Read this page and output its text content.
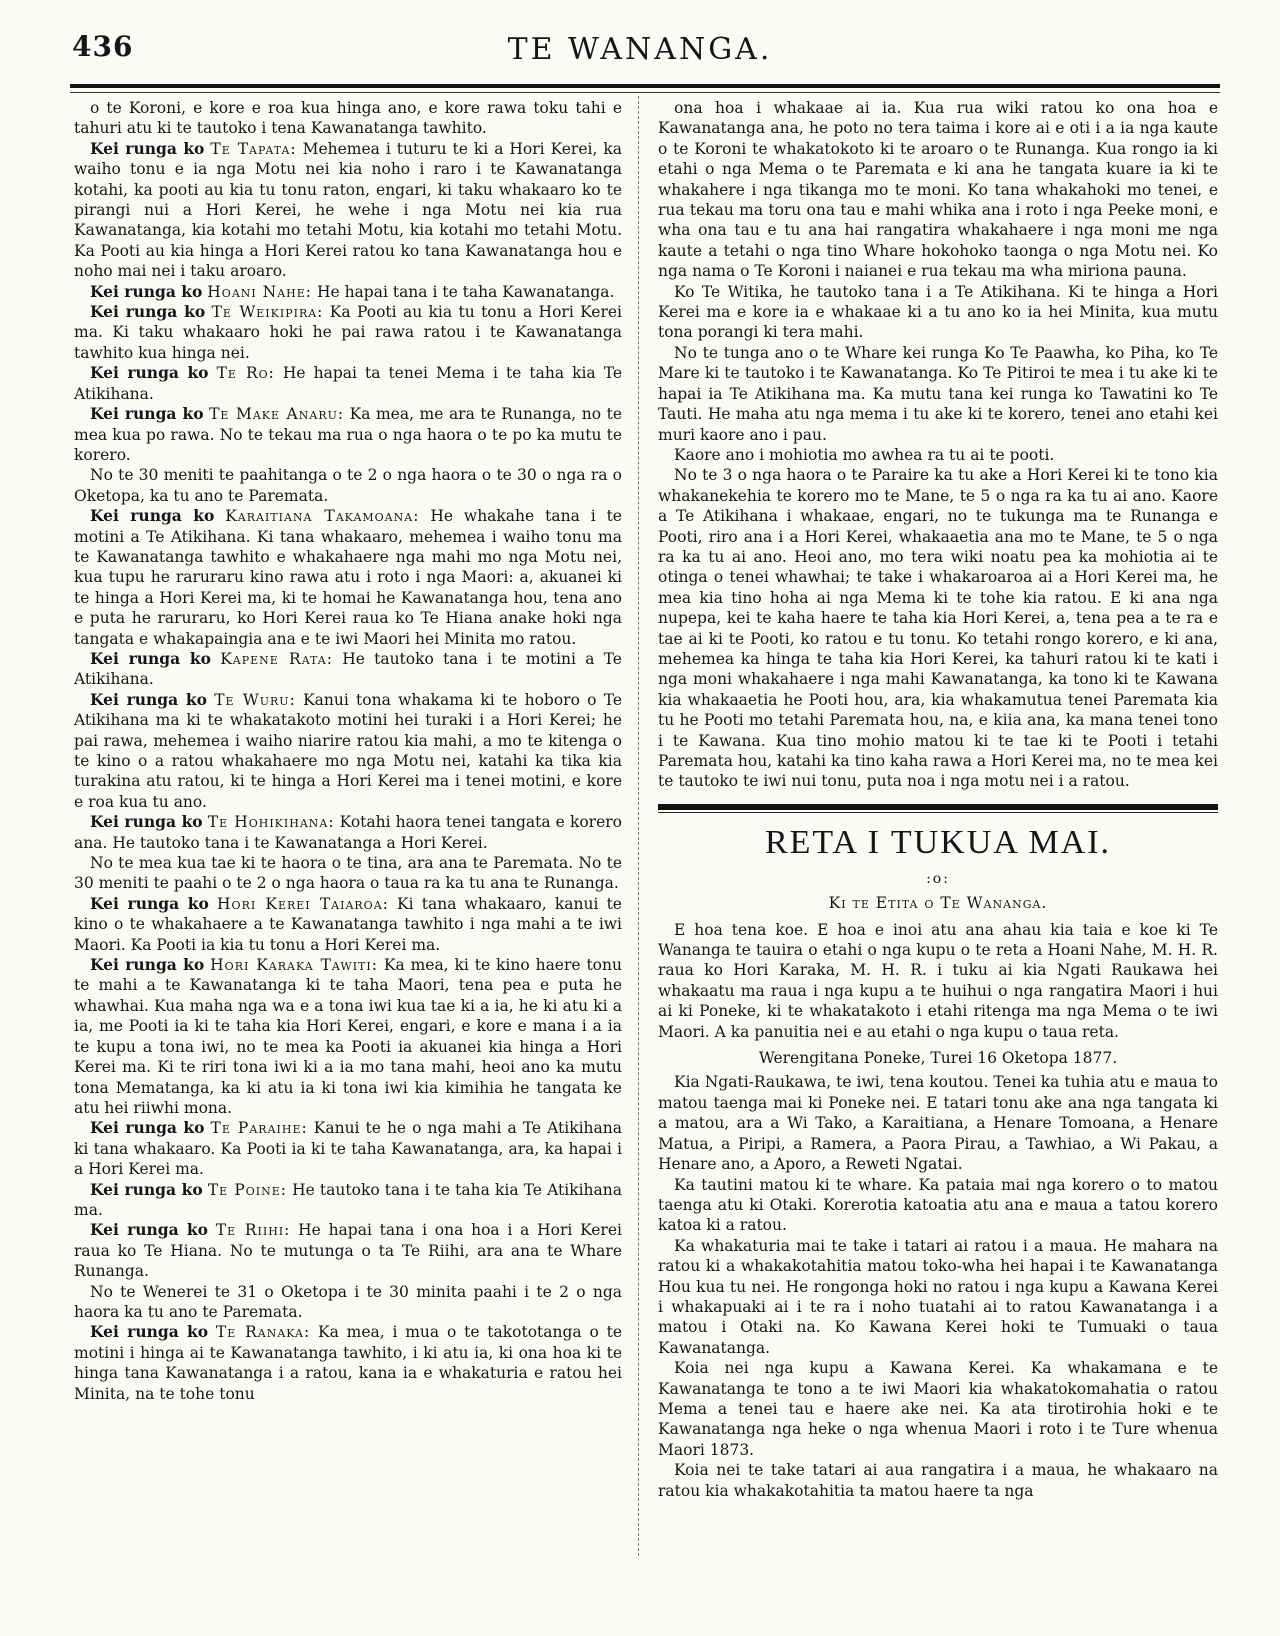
436	TE WANANGA.

o te Koroni, e kore e roa kua hinga ano, e kore rawa toku tahi e tahuri atu ki te tautoko i tena Kawanatanga tawhito.

Kei runga ko Te Tapata: Mehemea i tuturu te ki a Hori Kerei, ka waiho tonu e ia nga Motu nei kia noho i raro i te Kawanatanga kotahi, ka pooti au kia tu tonu raton, engari, ki taku whakaaro ko te pirangi nui a Hori Kerei, he wehe i nga Motu nei kia rua Kawanatanga, kia kotahi mo tetahi Motu, kia kotahi mo tetahi Motu. Ka Pooti au kia hinga a Hori Kerei ratou ko tana Kawanatanga hou e noho mai nei i taku aroaro.

Kei runga ko Hoani Nahe: He hapai tana i te taha Kawanatanga.

Kei runga ko Te Weikipira: Ka Pooti au kia tu tonu a Hori Kerei ma. Ki taku whakaaro hoki he pai rawa ratou i te Kawanatanga tawhito kua hinga nei.

Kei runga ko Te Ro: He hapai ta tenei Mema i te taha kia Te Atikihana.

Kei runga ko Te Make Anaru: Ka mea, me ara te Runanga, no te mea kua po rawa. No te tekau ma rua o nga haora o te po ka mutu te korero.

No te 30 meniti te paahitanga o te 2 o nga haora o te 30 o nga ra o Oketopa, ka tu ano te Paremata.

Kei runga ko Karaitiana Takamoana: He whakahe tana i te motini a Te Atikihana. Ki tana whakaaro, mehemea i waiho tonu ma te Kawanatanga tawhito e whakahaere nga mahi mo nga Motu nei, kua tupu he raruraru kino rawa atu i roto i nga Maori: a, akuanei ki te hinga a Hori Kerei ma, ki te homai he Kawanatanga hou, tena ano e puta he raruraru, ko Hori Kerei raua ko Te Hiana anake hoki nga tangata e whakapaingia ana e te iwi Maori hei Minita mo ratou.

Kei runga ko Kapene Rata: He tautoko tana i te motini a Te Atikihana.

Kei runga ko Te Wuru: Kanui tona whakama ki te hoboro o Te Atikihana ma ki te whakatakoto motini hei turaki i a Hori Kerei; he pai rawa, mehemea i waiho niarire ratou kia mahi, a mo te kitenga o te kino o a ratou whakahaere mo nga Motu nei, katahi ka tika kia turakina atu ratou, ki te hinga a Hori Kerei ma i tenei motini, e kore e roa kua tu ano.

Kei runga ko Te Hohikihana: Kotahi haora tenei tangata e korero ana. He tautoko tana i te Kawanatanga a Hori Kerei.

No te mea kua tae ki te haora o te tina, ara ana te Paremata. No te 30 meniti te paahi o te 2 o nga haora o taua ra ka tu ana te Runanga.

Kei runga ko Hori Kerei Taiaroa: Ki tana whakaaro, kanui te kino o te whakahaere a te Kawanatanga tawhito i nga mahi a te iwi Maori. Ka Pooti ia kia tu tonu a Hori Kerei ma.

Kei runga ko Hori Karaka Tawiti: Ka mea, ki te kino haere tonu te mahi a te Kawanatanga ki te taha Maori, tena pea e puta he whawhai. Kua maha nga wa e a tona iwi kua tae ki a ia, he ki atu ki a ia, me Pooti ia ki te taha kia Hori Kerei, engari, e kore e mana i a ia te kupu a tona iwi, no te mea ka Pooti ia akuanei kia hinga a Hori Kerei ma. Ki te riri tona iwi ki a ia mo tana mahi, heoi ano ka mutu tona Mematanga, ka ki atu ia ki tona iwi kia kimihia he tangata ke atu hei riiwhi mona.

Kei runga ko Te Paraihe: Kanui te he o nga mahi a Te Atikihana ki tana whakaaro. Ka Pooti ia ki te taha Kawanatanga, ara, ka hapai i a Hori Kerei ma.

Kei runga ko Te Poine: He tautoko tana i te taha kia Te Atikihana ma.

Kei runga ko Te Riihi: He hapai tana i ona hoa i a Hori Kerei raua ko Te Hiana. No te mutunga o ta Te Riihi, ara ana te Whare Runanga.

No te Wenerei te 31 o Oketopa i te 30 minita paahi i te 2 o nga haora ka tu ano te Paremata.

Kei runga ko Te Ranaka: Ka mea, i mua o te takototanga o te motini i hinga ai te Kawanatanga tawhito, i ki atu ia, ki ona hoa ki te hinga tana Kawanatanga i a ratou, kana ia e whakaturia e ratou hei Minita, na te tohe tonu

ona hoa i whakaae ai ia. Kua rua wiki ratou ko ona hoa e Kawanatanga ana, he poto no tera taima i kore ai e oti i a ia nga kaute o te Koroni te whakatokoto ki te aroaro o te Runanga. Kua rongo ia ki etahi o nga Mema o te Paremata e ki ana he tangata kuare ia ki te whakahere i nga tikanga mo te moni. Ko tana whakahoki mo tenei, e rua tekau ma toru ona tau e mahi whika ana i roto i nga Peeke moni, e wha ona tau e tu ana hai rangatira whakahaere i nga moni me nga kaute a tetahi o nga tino Whare hokohoko taonga o nga Motu nei. Ko nga nama o Te Koroni i naianei e rua tekau ma wha miriona pauna.

Ko Te Witika, he tautoko tana i a Te Atikihana. Ki te hinga a Hori Kerei ma e kore ia e whakaae ki a tu ano ko ia hei Minita, kua mutu tona porangi ki tera mahi.

No te tunga ano o te Whare kei runga Ko Te Paawha, ko Piha, ko Te Mare ki te tautoko i te Kawanatanga. Ko Te Pitiroi te mea i tu ake ki te hapai ia Te Atikihana ma. Ka mutu tana kei runga ko Tawatini ko Te Tauti. He maha atu nga mema i tu ake ki te korero, tenei ano etahi kei muri kaore ano i pau.

Kaore ano i mohiotia mo awhea ra tu ai te pooti.

No te 3 o nga haora o te Paraire ka tu ake a Hori Kerei ki te tono kia whakanekehia te korero mo te Mane, te 5 o nga ra ka tu ai ano. Kaore a Te Atikihana i whakaae, engari, no te tukunga ma te Runanga e Pooti, riro ana i a Hori Kerei, whakaaetia ana mo te Mane, te 5 o nga ra ka tu ai ano. Heoi ano, mo tera wiki noatu pea ka mohiotia ai te otinga o tenei whawhai; te take i whakaroaroa ai a Hori Kerei ma, he mea kia tino hoha ai nga Mema ki te tohe kia ratou. E ki ana nga nupepa, kei te kaha haere te taha kia Hori Kerei, a, tena pea a te ra e tae ai ki te Pooti, ko ratou e tu tonu. Ko tetahi rongo korero, e ki ana, mehemea ka hinga te taha kia Hori Kerei, ka tahuri ratou ki te kati i nga moni whakahaere i nga mahi Kawanatanga, ka tono ki te Kawana kia whakaaetia he Pooti hou, ara, kia whakamutua tenei Paremata kia tu he Pooti mo tetahi Paremata hou, na, e kiia ana, ka mana tenei tono i te Kawana. Kua tino mohio matou ki te tae ki te Pooti i tetahi Paremata hou, katahi ka tino kaha rawa a Hori Kerei ma, no te mea kei te tautoko te iwi nui tonu, puta noa i nga motu nei i a ratou.

RETA I TUKUA MAI.
:o:
Ki te Etita o Te Wananga.

E hoa tena koe. E hoa e inoi atu ana ahau kia taia e koe ki Te Wananga te tauira o etahi o nga kupu o te reta a Hoani Nahe, M. H. R. raua ko Hori Karaka, M. H. R. i tuku ai kia Ngati Raukawa hei whakaatu ma raua i nga kupu a te huihui o nga rangatira Maori i hui ai ki Poneke, ki te whakatakoto i etahi ritenga ma nga Mema o te iwi Maori. A ka panuitia nei e au etahi o nga kupu o taua reta.

Werengitana Poneke, Turei 16 Oketopa 1877.

Kia Ngati-Raukawa, te iwi, tena koutou. Tenei ka tuhia atu e maua to matou taenga mai ki Poneke nei. E tatari tonu ake ana nga tangata ki a matou, ara a Wi Tako, a Karaitiana, a Henare Tomoana, a Henare Matua, a Piripi, a Ramera, a Paora Pirau, a Tawhiao, a Wi Pakau, a Henare ano, a Aporo, a Reweti Ngatai.

Ka tautini matou ki te whare. Ka pataia mai nga korero o to matou taenga atu ki Otaki. Korerotia katoatia atu ana e maua a tatou korero katoa ki a ratou.

Ka whakaturia mai te take i tatari ai ratou i a maua. He mahara na ratou ki a whakakotahitia matou toko-wha hei hapai i te Kawanatanga Hou kua tu nei. He rongonga hoki no ratou i nga kupu a Kawana Kerei i whakapuaki ai i te ra i noho tuatahi ai to ratou Kawanatanga i a matou i Otaki na. Ko Kawana Kerei hoki te Tumuaki o taua Kawanatanga.

Koia nei nga kupu a Kawana Kerei. Ka whakamana e te Kawanatanga te tono a te iwi Maori kia whakatokomahatia o ratou Mema a tenei tau e haere ake nei. Ka ata tirotirohia hoki e te Kawanatanga nga heke o nga whenua Maori i roto i te Ture whenua Maori 1873.

Koia nei te take tatari ai aua rangatira i a maua, he whakaaro na ratou kia whakakotahitia ta matou haere ta nga
